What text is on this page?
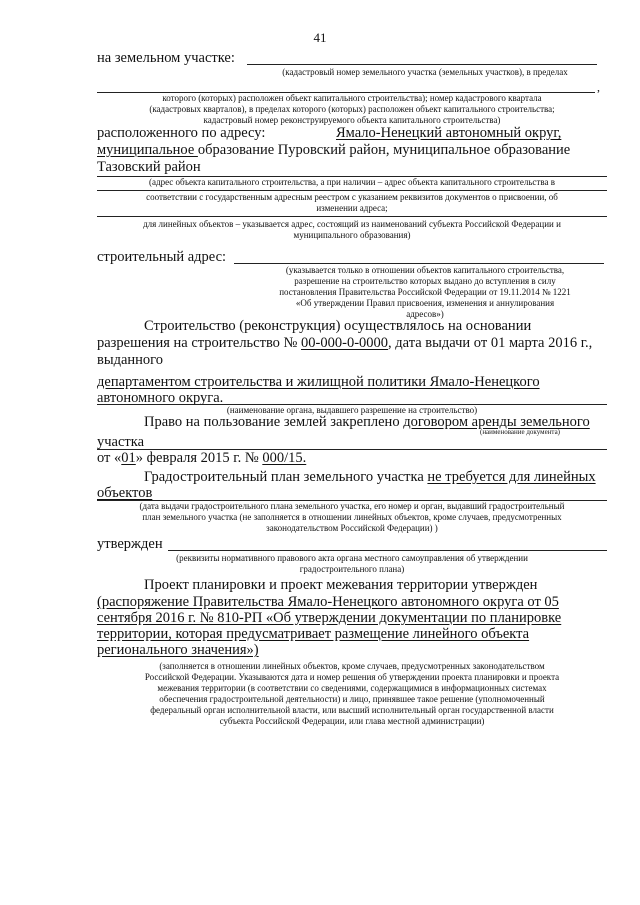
41
на земельном участке:
(кадастровый номер земельного участка (земельных участков), в пределах
,
которого (которых) расположен объект капитального строительства); номер кадастрового квартала
(кадастровых кварталов), в пределах которого (которых) расположен объект капитального строительства;
кадастровый номер реконструируемого объекта капитального строительства)
расположенного по адресу:	Ямало-Ненецкий автономный округ,
муниципальное образование Пуровский район, муниципальное образование
Тазовский район
(адрес объекта капитального строительства, а при наличии – адрес объекта капитального строительства в
соответствии с государственным адресным реестром с указанием реквизитов документов о присвоении, об
изменении адреса;
для линейных объектов – указывается адрес, состоящий из наименований субъекта Российской Федерации и
муниципального образования)
строительный адрес:
(указывается только в отношении объектов капитального строительства,
разрешение на строительство которых выдано до вступления в силу
постановления Правительства Российской Федерации от 19.11.2014 № 1221
«Об утверждении Правил присвоения, изменения и аннулирования
адресов»)
Строительство (реконструкция) осуществлялось на основании
разрешения на строительство № 00-000-0-0000, дата выдачи от 01 марта 2016 г.,
выданного
департаментом строительства и жилищной политики Ямало-Ненецкого
автономного округа.
(наименование органа, выдавшего разрешение на строительство)
Право на пользование землей закреплено договором аренды земельного
(наименование документа)
участка
от «01» февраля 2015 г. № 000/15.
Градостроительный план земельного участка не требуется для линейных
объектов
(дата выдачи градостроительного плана земельного участка, его номер и орган, выдавший градостроительный
план земельного участка (не заполняется в отношении линейных объектов, кроме случаев, предусмотренных
законодательством Российской Федерации) )
утвержден
(реквизиты нормативного правового акта органа местного самоуправления об утверждении
градостроительного плана)
Проект планировки и проект межевания территории утвержден
(распоряжение Правительства Ямало-Ненецкого автономного округа от 05
сентября 2016 г. № 810-РП «Об утверждении документации по планировке
территории, которая предусматривает размещение линейного объекта
регионального значения»)
(заполняется в отношении линейных объектов, кроме случаев, предусмотренных законодательством
Российской Федерации. Указываются дата и номер решения об утверждении проекта планировки и проекта
межевания территории (в соответствии со сведениями, содержащимися в информационных системах
обеспечения градостроительной деятельности) и лицо, принявшее такое решение (уполномоченный
федеральный орган исполнительной власти, или высший исполнительный орган государственной власти
субъекта Российской Федерации, или глава местной администрации)
